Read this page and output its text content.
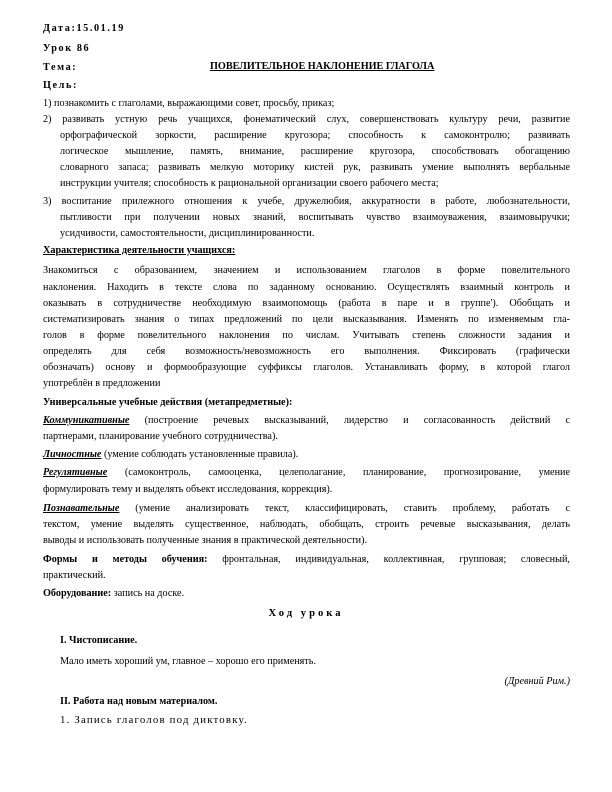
Дата:15.01.19
Урок 86
Тема:	ПОВЕЛИТЕЛЬНОЕ НАКЛОНЕНИЕ ГЛАГОЛА
Цель:
1) познакомить с глаголами, выражающими совет, просьбу, приказ;
2) развивать устную речь учащихся, фонематический слух, совершенствовать культуру речи, развитие
орфографической зоркости, расширение кругозора; способность к самоконтролю; развивать
логическое мышление, память, внимание, расширение кругозора, способствовать обогащению
словарного запаса; развивать мелкую моторику кистей рук, развивать умение выполнять вербальные
инструкции учителя; способность к рациональной организации своего рабочего места;
3) воспитание прилежного отношения к учебе, дружелюбия, аккуратности в работе, любознательности,
пытливости при получении новых знаний, воспитывать чувство взаимоуважения, взаимовыручки;
усидчивости, самостоятельности, дисциплинированности.
Характеристика деятельности учащихся:
Знакомиться с образованием, значением и использованием глаголов в форме повелительного
наклонения. Находить в тексте слова по заданному основанию. Осуществлять взаимный контроль и
оказывать в сотрудничестве необходимую взаимопомощь (работа в паре и в группе'). Обобщать и
систематизировать знания о типах предложений по цели высказывания. Изменять по изменяемым гла-
голов в форме повелительного наклонения по числам. Учитывать степень сложности задания и
определять для себя возможность/невозможность его выполнения. Фиксировать (графически
обозначать) основу и формообразующие суффиксы глаголов. Устанавливать форму, в которой глагол
употреблён в предложении
Универсальные учебные действия (метапредметные):
Коммуникативные (построение речевых высказываний, лидерство и согласованность действий с
партнерами, планирование учебного сотрудничества).
Личностные (умение соблюдать установленные правила).
Регулятивные (самоконтроль, самооценка, целеполагание, планирование, прогнозирование, умение
формулировать тему и выделять объект исследования, коррекция).
Познавательные (умение анализировать текст, классифицировать, ставить проблему, работать с
текстом, умение выделять существенное, наблюдать, обобщать, строить речевые высказывания, делать
выводы и использовать полученные знания в практической деятельности).
Формы и методы обучения: фронтальная, индивидуальная, коллективная, групповая; словесный,
практический.
Оборудование: запись на доске.
Ход урока
I. Чистописание.
Мало иметь хороший ум, главное – хорошо его применять.
(Древний Рим.)
II. Работа над новым материалом.
1. Запись глаголов под диктовку.
